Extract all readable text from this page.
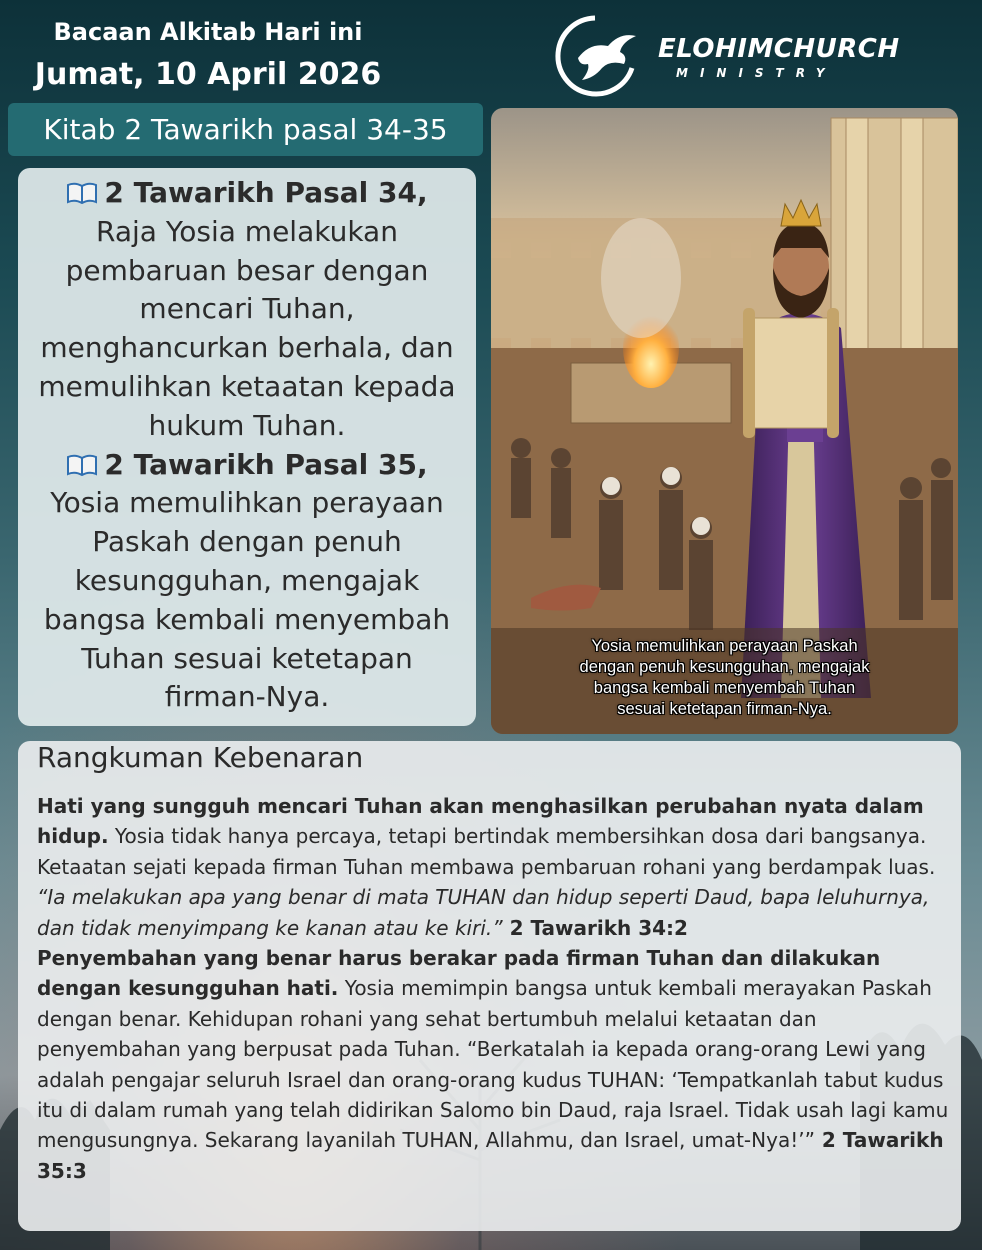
Bacaan Alkitab Hari ini
Jumat, 10 April 2026
ELOHIMCHURCH
MINISTRY
Kitab 2 Tawarikh pasal 34-35
2 Tawarikh Pasal 34,
Raja Yosia melakukan pembaruan besar dengan mencari Tuhan, menghancurkan berhala, dan memulihkan ketaatan kepada hukum Tuhan.
2 Tawarikh Pasal 35,
Yosia memulihkan perayaan Paskah dengan penuh kesungguhan, mengajak bangsa kembali menyembah Tuhan sesuai ketetapan firman-Nya.
Yosia memulihkan perayaan Paskah
dengan penuh kesungguhan, mengajak
bangsa kembali menyembah Tuhan
sesuai ketetapan firman-Nya.
Rangkuman Kebenaran

Hati yang sungguh mencari Tuhan akan menghasilkan perubahan nyata dalam hidup. Yosia tidak hanya percaya, tetapi bertindak membersihkan dosa dari bangsanya. Ketaatan sejati kepada firman Tuhan membawa pembaruan rohani yang berdampak luas. “Ia melakukan apa yang benar di mata TUHAN dan hidup seperti Daud, bapa leluhurnya, dan tidak menyimpang ke kanan atau ke kiri.” 2 Tawarikh 34:2

Penyembahan yang benar harus berakar pada firman Tuhan dan dilakukan dengan kesungguhan hati. Yosia memimpin bangsa untuk kembali merayakan Paskah dengan benar. Kehidupan rohani yang sehat bertumbuh melalui ketaatan dan penyembahan yang berpusat pada Tuhan. “Berkatalah ia kepada orang-orang Lewi yang adalah pengajar seluruh Israel dan orang-orang kudus TUHAN: ‘Tempatkanlah tabut kudus itu di dalam rumah yang telah didirikan Salomo bin Daud, raja Israel. Tidak usah lagi kamu mengusungnya. Sekarang layanilah TUHAN, Allahmu, dan Israel, umat-Nya!’” 2 Tawarikh 35:3
